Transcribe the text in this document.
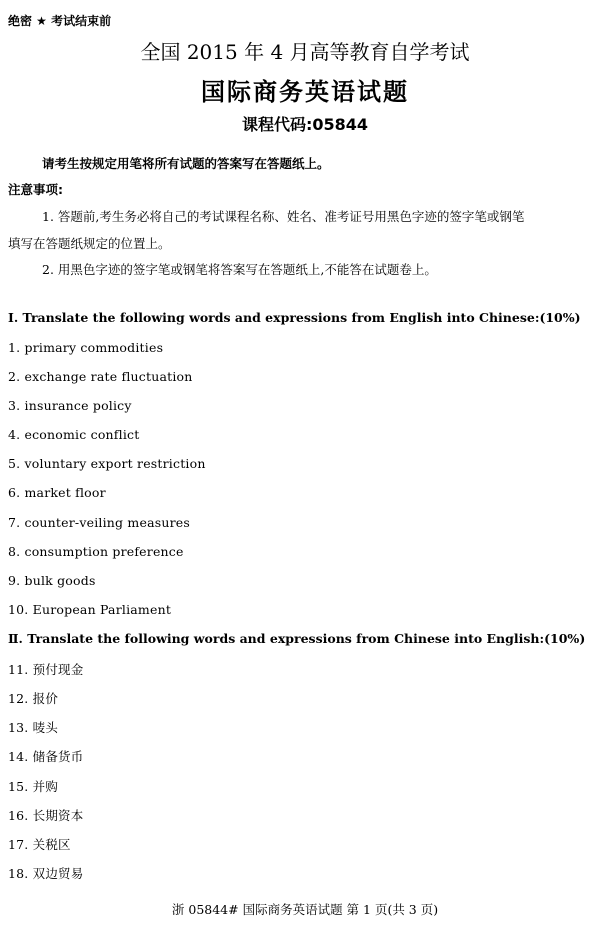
绝密 ★ 考试结束前
全国 2015 年 4 月高等教育自学考试
国际商务英语试题
课程代码:05844
请考生按规定用笔将所有试题的答案写在答题纸上。
注意事项:
1. 答题前,考生务必将自己的考试课程名称、姓名、准考证号用黑色字迹的签字笔或钢笔
填写在答题纸规定的位置上。
2. 用黑色字迹的签字笔或钢笔将答案写在答题纸上,不能答在试题卷上。
Ⅰ. Translate the following words and expressions from English into Chinese:(10%)
1. primary commodities
2. exchange rate fluctuation
3. insurance policy
4. economic conflict
5. voluntary export restriction
6. market floor
7. counter-veiling measures
8. consumption preference
9. bulk goods
10. European Parliament
Ⅱ. Translate the following words and expressions from Chinese into English:(10%)
11. 预付现金
12. 报价
13. 唛头
14. 储备货币
15. 并购
16. 长期资本
17. 关税区
18. 双边贸易
浙 05844# 国际商务英语试题 第 1 页(共 3 页)
